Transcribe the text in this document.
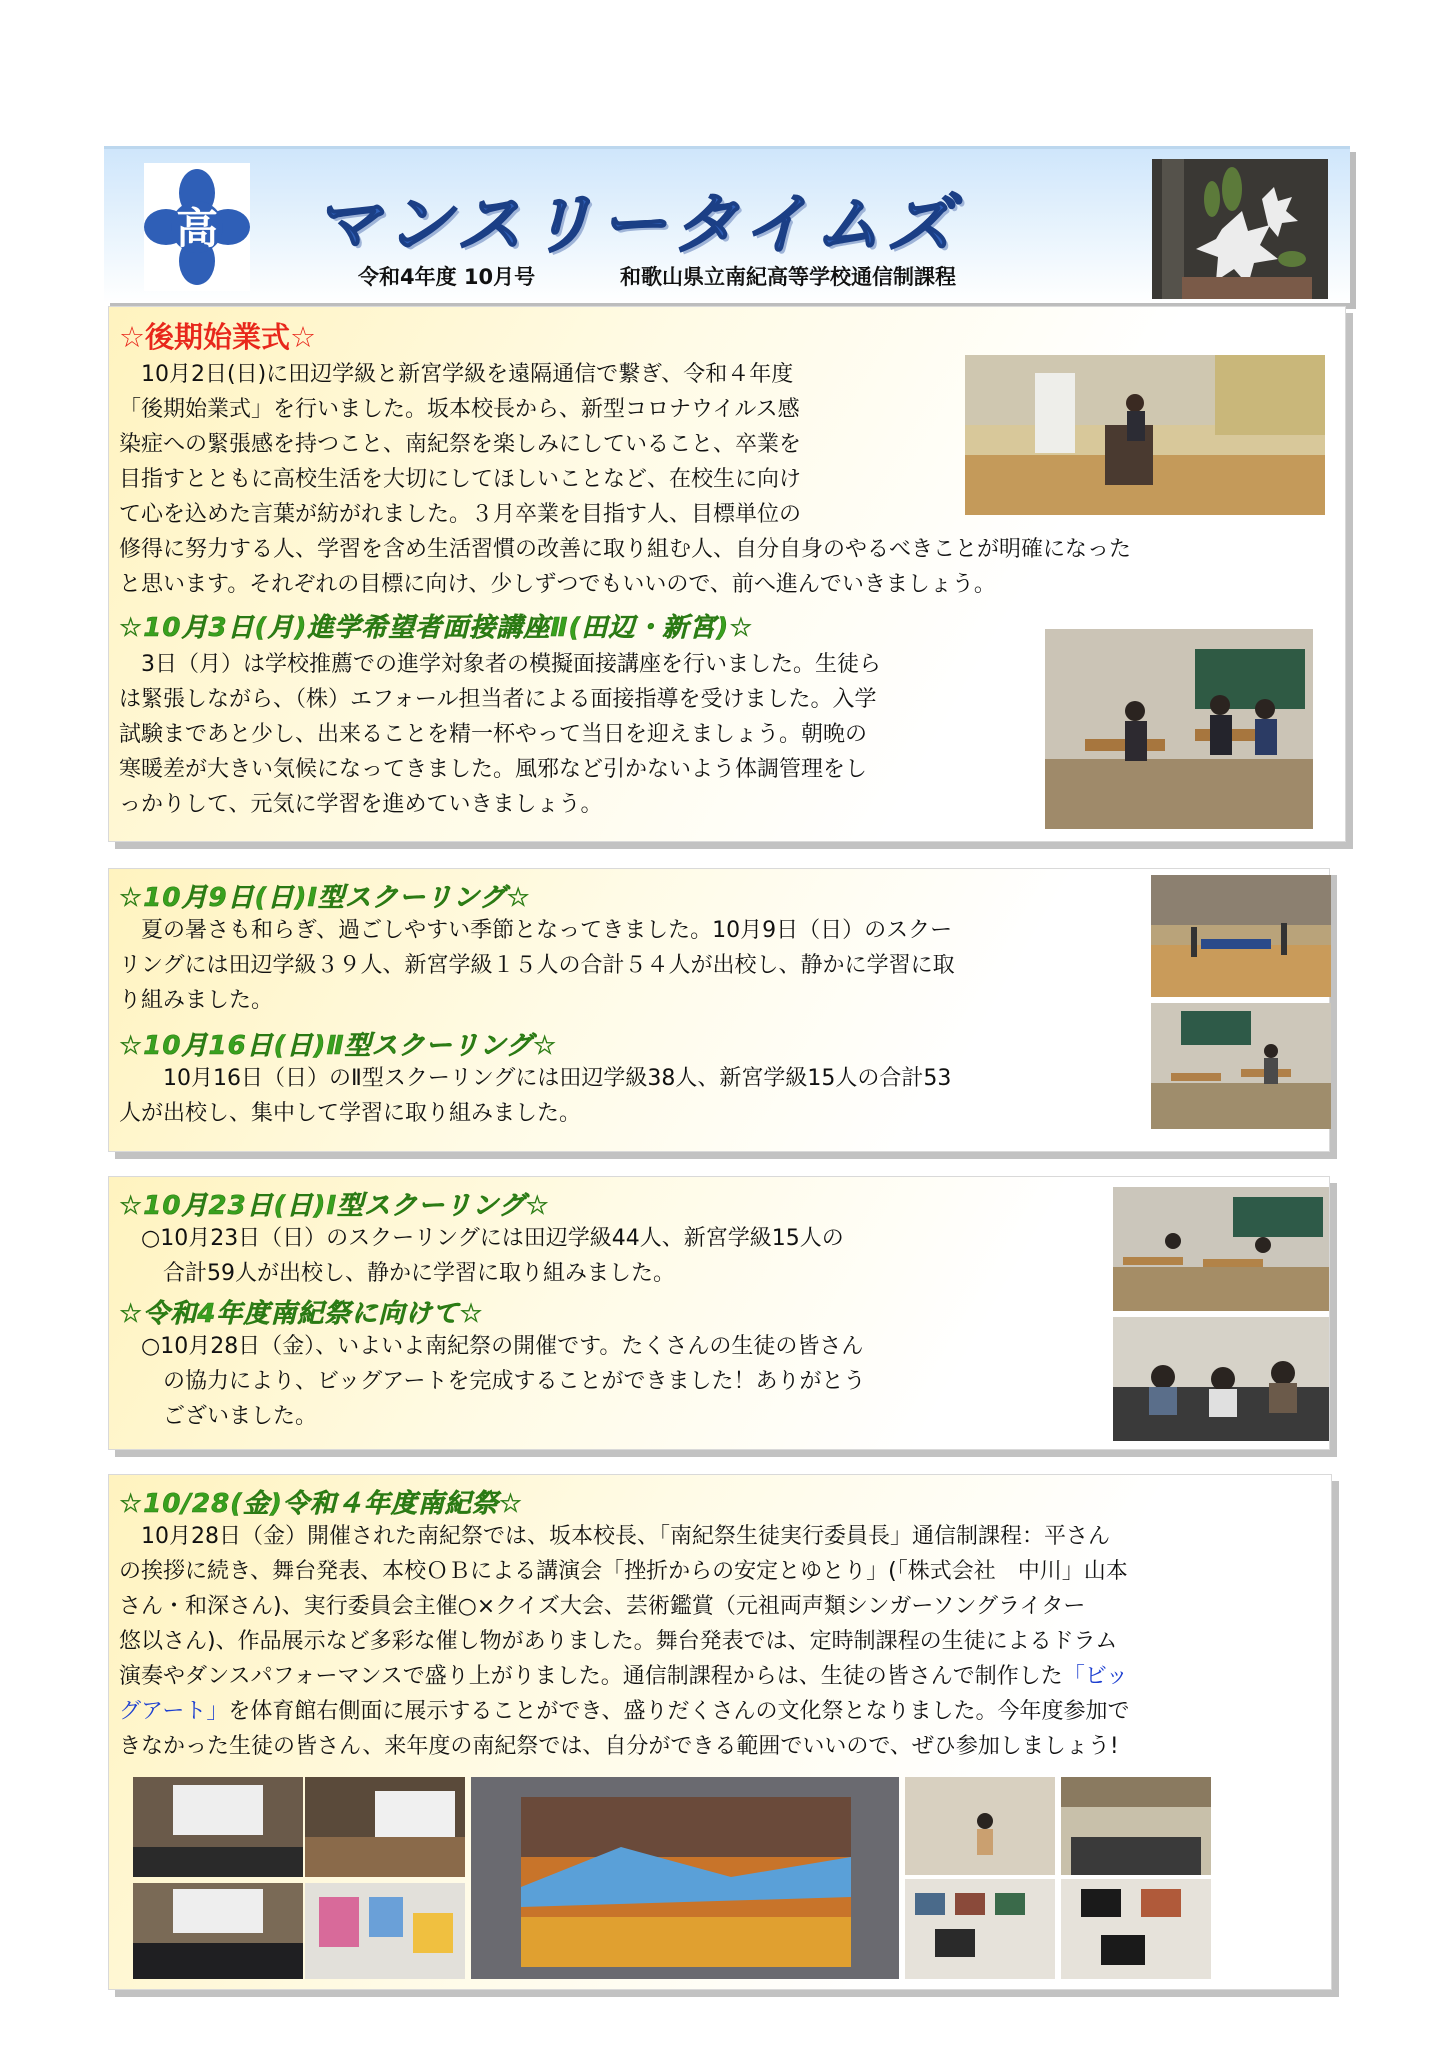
高 マンスリータイムズ
令和4年度 10月号	和歌山県立南紀高等学校通信制課程
☆後期始業式☆
　10月2日(日)に田辺学級と新宮学級を遠隔通信で繋ぎ、令和４年度
「後期始業式」を行いました。坂本校長から、新型コロナウイルス感
染症への緊張感を持つこと、南紀祭を楽しみにしていること、卒業を
目指すとともに高校生活を大切にしてほしいことなど、在校生に向け
て心を込めた言葉が紡がれました。３月卒業を目指す人、目標単位の
修得に努力する人、学習を含め生活習慣の改善に取り組む人、自分自身のやるべきことが明確になった
と思います。それぞれの目標に向け、少しずつでもいいので、前へ進んでいきましょう。
☆10月3日(月)進学希望者面接講座Ⅱ(田辺・新宮)☆
　3日（月）は学校推薦での進学対象者の模擬面接講座を行いました。生徒ら
は緊張しながら、（株）エフォール担当者による面接指導を受けました。入学
試験まであと少し、出来ることを精一杯やって当日を迎えましょう。朝晩の
寒暖差が大きい気候になってきました。風邪など引かないよう体調管理をし
っかりして、元気に学習を進めていきましょう。
☆10月9日(日)Ⅰ型スクーリング☆
　夏の暑さも和らぎ、過ごしやすい季節となってきました。10月9日（日）のスクー
リングには田辺学級３９人、新宮学級１５人の合計５４人が出校し、静かに学習に取
り組みました。
☆10月16日(日)Ⅱ型スクーリング☆
　　10月16日（日）のⅡ型スクーリングには田辺学級38人、新宮学級15人の合計53
人が出校し、集中して学習に取り組みました。
☆10月23日(日)Ⅰ型スクーリング☆
　○10月23日（日）のスクーリングには田辺学級44人、新宮学級15人の
　　合計59人が出校し、静かに学習に取り組みました。
☆令和4年度南紀祭に向けて☆
　○10月28日（金）、いよいよ南紀祭の開催です。たくさんの生徒の皆さん
　　の協力により、ビッグアートを完成することができました！ありがとう
　　ございました。
☆10/28(金)令和４年度南紀祭☆
　10月28日（金）開催された南紀祭では、坂本校長、「南紀祭生徒実行委員長」通信制課程：平さん
の挨拶に続き、舞台発表、本校ＯＢによる講演会「挫折からの安定とゆとり」(「株式会社　中川」山本
さん・和深さん)、実行委員会主催○×クイズ大会、芸術鑑賞（元祖両声類シンガーソングライター
悠以さん)、作品展示など多彩な催し物がありました。舞台発表では、定時制課程の生徒によるドラム
演奏やダンスパフォーマンスで盛り上がりました。通信制課程からは、生徒の皆さんで制作した「ビッ
グアート」を体育館右側面に展示することができ、盛りだくさんの文化祭となりました。今年度参加で
きなかった生徒の皆さん、来年度の南紀祭では、自分ができる範囲でいいので、ぜひ参加しましょう!
